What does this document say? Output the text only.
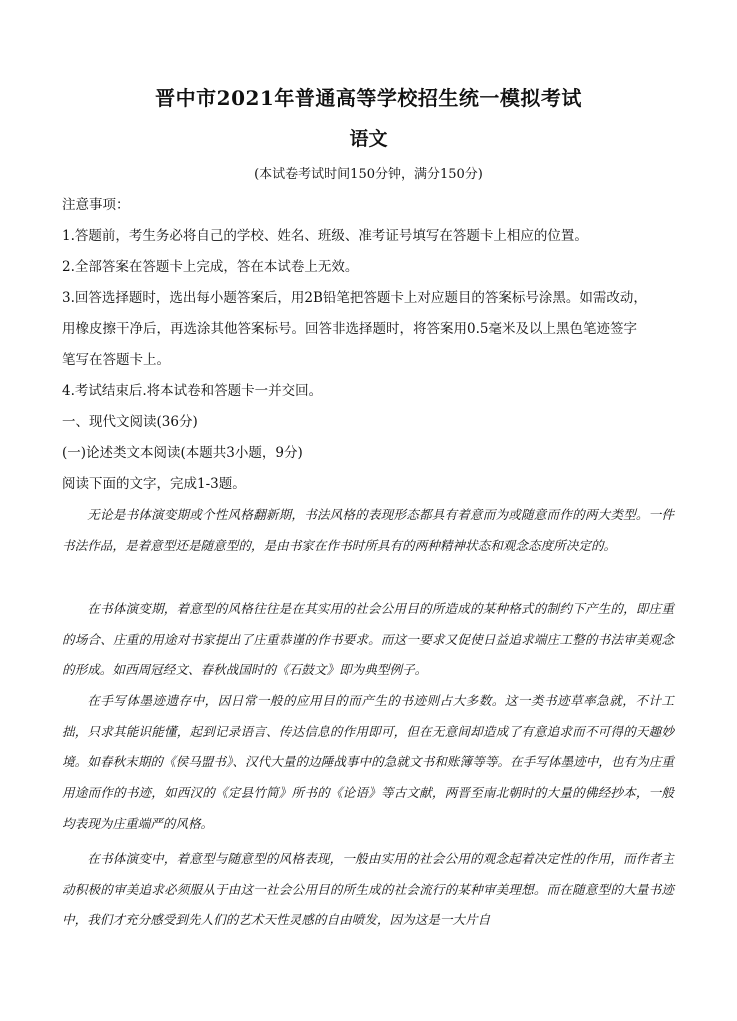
晋中市2021年普通高等学校招生统一模拟考试
语文
(本试卷考试时间150分钟，满分150分)
注意事项：
1.答题前，考生务必将自己的学校、姓名、班级、准考证号填写在答题卡上相应的位置。
2.全部答案在答题卡上完成，答在本试卷上无效。
3.回答选择题时，选出每小题答案后，用2B铅笔把答题卡上对应题目的答案标号涂黑。如需改动，
用橡皮擦干净后，再选涂其他答案标号。回答非选择题时，将答案用0.5毫米及以上黑色笔迹签字
笔写在答题卡上。
4.考试结束后.将本试卷和答题卡一并交回。
一、现代文阅读(36分)
(一)论述类文本阅读(本题共3小题，9分)
阅读下面的文字，完成1-3题。
无论是书体演变期或个性风格翻新期，书法风格的表现形态都具有着意而为或随意而作的两大类型。一件书法作品，是着意型还是随意型的，是由书家在作书时所具有的两种精神状态和观念态度所决定的。
在书体演变期，着意型的风格往往是在其实用的社会公用目的所造成的某种格式的制约下产生的，即庄重的场合、庄重的用途对书家提出了庄重恭谨的作书要求。而这一要求又促使日益追求端庄工整的书法审美观念的形成。如西周冠经文、春秋战国时的《石鼓文》即为典型例子。
在手写体墨迹遗存中，因日常一般的应用目的而产生的书迹则占大多数。这一类书迹草率急就，不计工拙，只求其能识能懂，起到记录语言、传达信息的作用即可，但在无意间却造成了有意追求而不可得的天趣妙境。如春秋末期的《侯马盟书》、汉代大量的边陲战事中的急就文书和账簿等等。在手写体墨迹中，也有为庄重用途而作的书迹，如西汉的《定县竹简》所书的《论语》等古文献，两晋至南北朝时的大量的佛经抄本，一般均表现为庄重端严的风格。
在书体演变中，着意型与随意型的风格表现，一般由实用的社会公用的观念起着决定性的作用，而作者主动积极的审美追求必须服从于由这一社会公用目的所生成的社会流行的某种审美理想。而在随意型的大量书迹中，我们才充分感受到先人们的艺术天性灵感的自由喷发，因为这是一大片自
